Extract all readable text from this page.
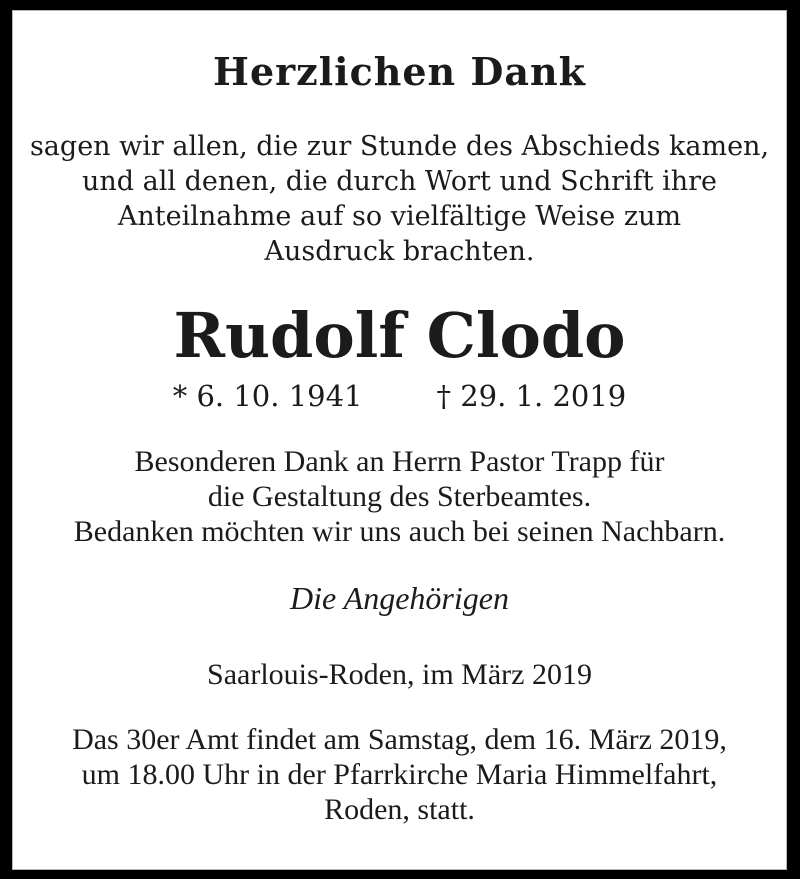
Herzlichen Dank
sagen wir allen, die zur Stunde des Abschieds kamen,
und all denen, die durch Wort und Schrift ihre
Anteilnahme auf so vielfältige Weise zum
Ausdruck brachten.
Rudolf Clodo
* 6. 10. 1941	† 29. 1. 2019
Besonderen Dank an Herrn Pastor Trapp für
die Gestaltung des Sterbeamtes.
Bedanken möchten wir uns auch bei seinen Nachbarn.
Die Angehörigen
Saarlouis-Roden, im März 2019
Das 30er Amt findet am Samstag, dem 16. März 2019,
um 18.00 Uhr in der Pfarrkirche Maria Himmelfahrt,
Roden, statt.
